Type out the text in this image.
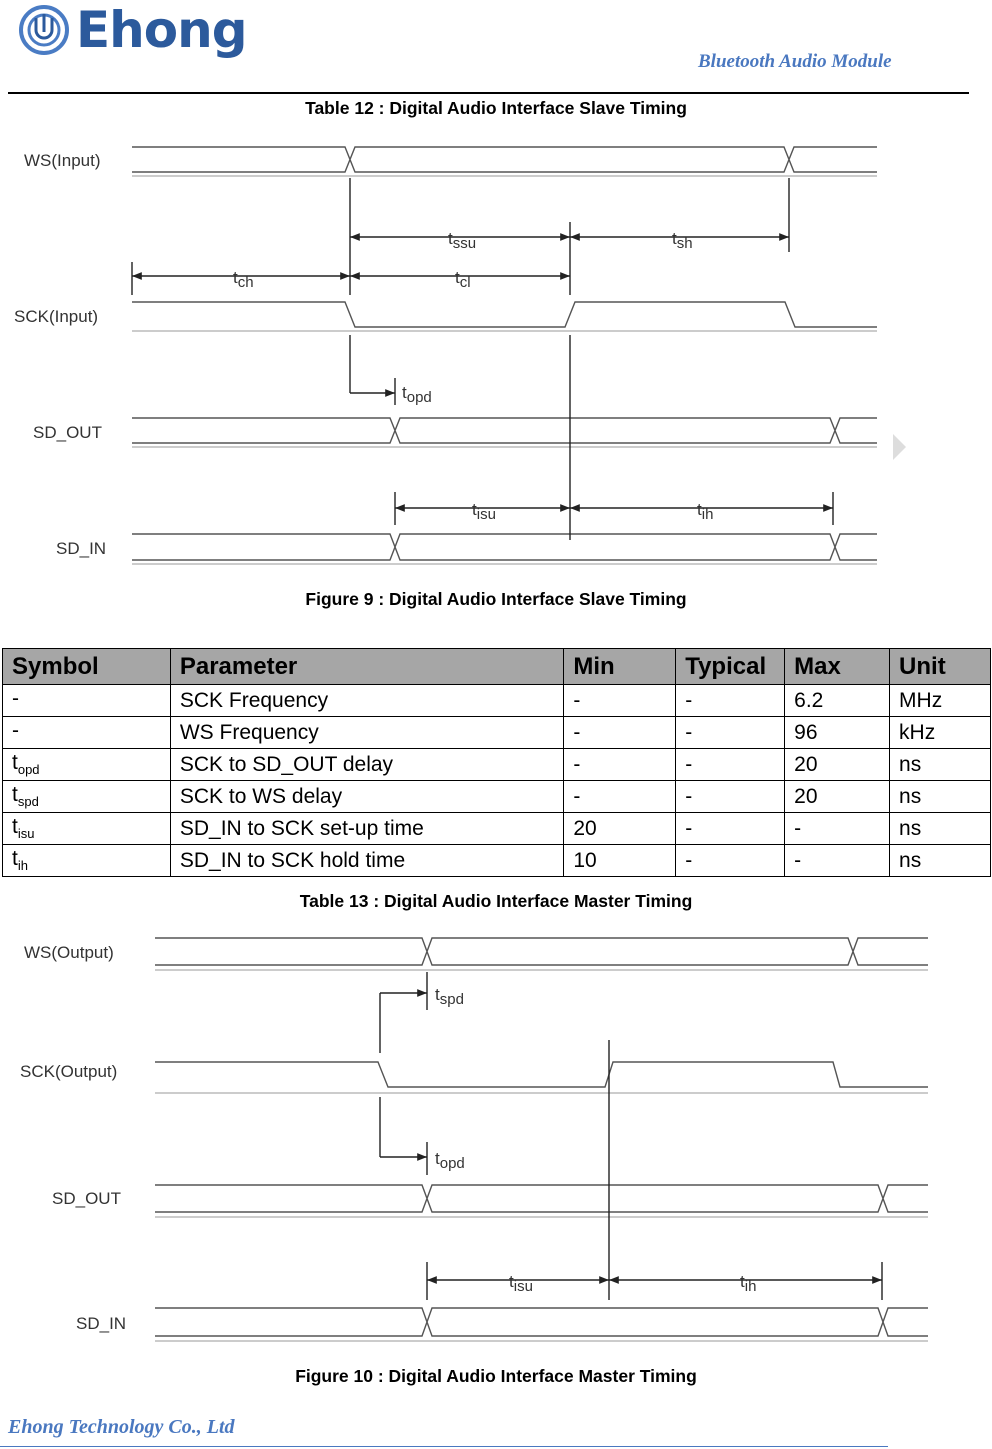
Ehong
Bluetooth Audio Module
Table 12 : Digital Audio Interface Slave Timing
WS(Input)
SCK(Input)
SD_OUT
SD_IN
WS(Output)
SCK(Output)
SD_OUT
SD_IN
tssu	tsh
tch	tcl
topd
tisu	tih
tspd
topd
tisu	tih
Figure 9 : Digital Audio Interface Slave Timing
Symbol	Parameter	Min	Typical	Max	Unit
-	SCK Frequency	-	-	6.2	MHz
-	WS Frequency	-	-	96	kHz
$t_{opd}$	SCK to SD_OUT delay	-	-	20	ns
$t_{spd}$	SCK to WS delay	-	-	20	ns
$t_{isu}$	SD_IN to SCK set-up time	20	-	-	ns
$t_{ih}$	SD_IN to SCK hold time	10	-	-	ns
Table 13 : Digital Audio Interface Master Timing
Figure 10 : Digital Audio Interface Master Timing
Ehong Technology Co., Ltd
